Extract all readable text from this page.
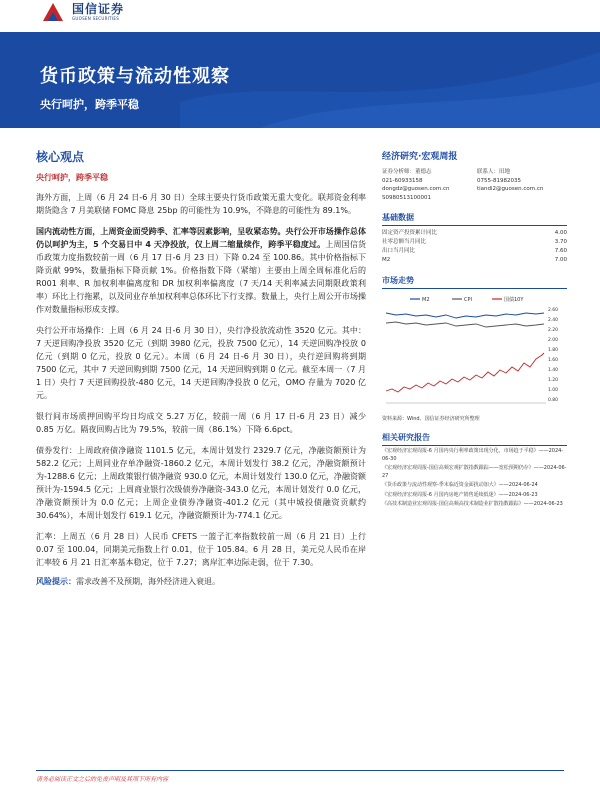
国信证券
GUOSEN SECURITIES
货币政策与流动性观察
央行呵护，跨季平稳
核心观点
央行呵护，跨季平稳

海外方面，上周（6 月 24 日-6 月 30 日）全球主要央行货币政策无重大变化。联邦资金利率期货隐含 7 月美联储 FOMC 降息 25bp 的可能性为 10.9%，不降息的可能性为 89.1%。

国内流动性方面，上周资金面受跨季、汇率等因素影响，呈收紧态势。央行公开市场操作总体仍以呵护为主，5 个交易日中 4 天净投放，仅上周二缩量续作，跨季平稳度过。上周国信货币政策力度指数较前一周（6 月 17 日-6 月 23 日）下降 0.24 至 100.86。其中价格指标下降贡献 99%，数量指标下降贡献 1%。价格指数下降（紧缩）主要由上周全周标准化后的 R001 利率、R 加权利率偏离度和 DR 加权利率偏离度（7 天/14 天利率减去同期限政策利率）环比上行拖累，以及同业存单加权利率总体环比下行支撑。数量上，央行上周公开市场操作对数量指标形成支撑。

央行公开市场操作：上周（6 月 24 日-6 月 30 日），央行净投放流动性 3520 亿元。其中：7 天逆回购净投放 3520 亿元（到期 3980 亿元，投放 7500 亿元），14 天逆回购净投放 0 亿元（到期 0 亿元，投放 0 亿元）。本周（6 月 24 日-6 月 30 日），央行逆回购将到期 7500 亿元，其中 7 天逆回购到期 7500 亿元，14 天逆回购到期 0 亿元。截至本周一（7 月 1 日）央行 7 天逆回购投放-480 亿元，14 天逆回购净投放 0 亿元，OMO 存量为 7020 亿元。

银行间市场质押回购平均日均成交 5.27 万亿，较前一周（6 月 17 日-6 月 23 日）减少 0.85 万亿。隔夜回购占比为 79.5%，较前一周（86.1%）下降 6.6pct。

债券发行：上周政府债净融资 1101.5 亿元，本周计划发行 2329.7 亿元，净融资额预计为 582.2 亿元；上周同业存单净融资-1860.2 亿元，本周计划发行 38.2 亿元，净融资额预计为-1288.6 亿元；上周政策银行债净融资 930.0 亿元，本周计划发行 130.0 亿元，净融资额预计为-1594.5 亿元；上周商业银行次级债券净融资-343.0 亿元，本周计划发行 0.0 亿元，净融资额预计为 0.0 亿元；上周企业债券净融资-401.2 亿元（其中城投债融资贡献约 30.64%），本周计划发行 619.1 亿元，净融资额预计为-774.1 亿元。

汇率：上周五（6 月 28 日）人民币 CFETS 一篮子汇率指数较前一周（6 月 21 日）上行 0.07 至 100.04，同期美元指数上行 0.01，位于 105.84。6 月 28 日，美元兑人民币在岸汇率较 6 月 21 日汇率基本稳定，位于 7.27；离岸汇率边际走弱，位于 7.30。

风险提示：需求改善不及预期，海外经济进入衰退。

经济研究·宏观周报
证券分析师：董德志
021-60933158
dongdz@guosen.com.cn
S0980513100001
联系人：田地
0755-81982035
tiandi2@guosen.com.cn
基础数据
固定资产投资累计同比	4.00
社零总额当月同比	3.70
出口当月同比	7.60
M2	7.00
市场走势
M2	CPI	国债10Y
2.60
2.40
2.20
2.00
1.80
1.60
1.40
1.20
1.00
0.80
资料来源：Wind、国信证券经济研究所整理
相关研究报告
《宏观经济宏观周报-6 月国内央行利率政策出现分化，市场趋于平稳》——2024-06-30
《宏观经济宏观周报-国信高频宏观扩散指数跟踪——宽松预期仍存》——2024-06-27
《货币政策与流动性观察-季末临近资金面扰动加大》——2024-06-24
《宏观经济宏观周报-6 月国内房地产销售延续低迷》——2024-06-23
《高技术制造业宏观周报-国信高频高技术制造业扩散指数跟踪》——2024-06-23
请务必阅读正文之后的免责声明及其项下所有内容
